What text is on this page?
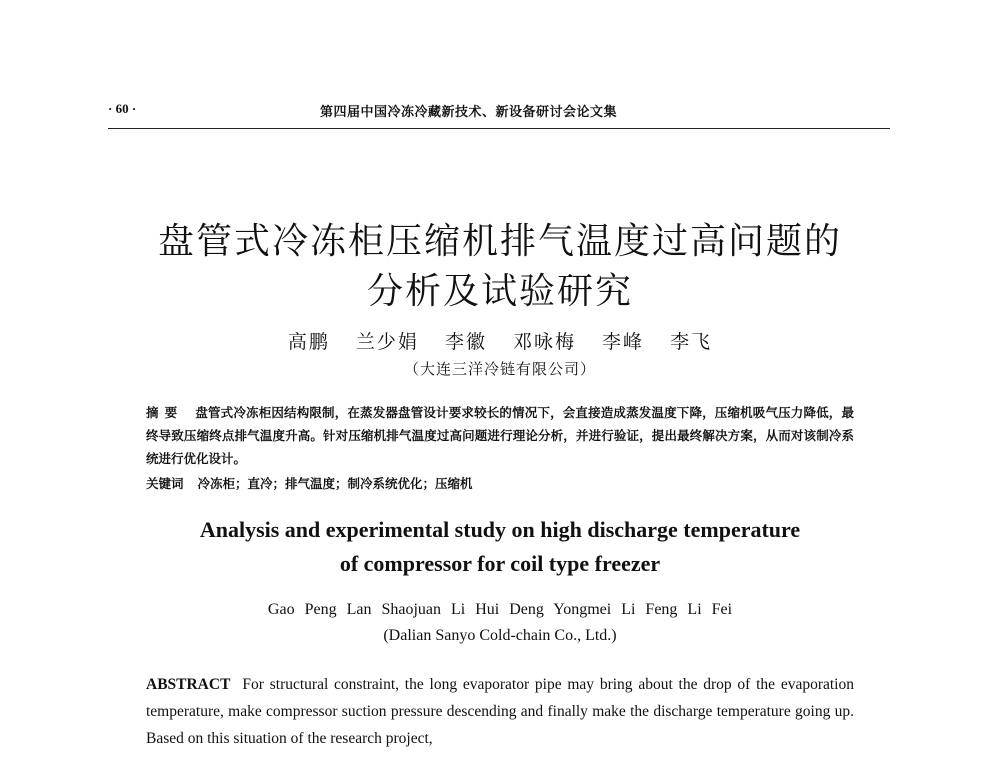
· 60 ·	第四届中国冷冻冷藏新技术、新设备研讨会论文集
盘管式冷冻柜压缩机排气温度过高问题的
分析及试验研究
高鹏 兰少娟 李徽 邓咏梅 李峰 李飞
（大连三洋冷链有限公司）
摘要 盘管式冷冻柜因结构限制，在蒸发器盘管设计要求较长的情况下，会直接造成蒸发温度下降，压缩机吸气压力降低，最终导致压缩终点排气温度升高。针对压缩机排气温度过高问题进行理论分析，并进行验证，提出最终解决方案，从而对该制冷系统进行优化设计。
关键词 冷冻柜；直冷；排气温度；制冷系统优化；压缩机
Analysis and experimental study on high discharge temperature
of compressor for coil type freezer
Gao Peng Lan Shaojuan Li Hui Deng Yongmei Li Feng Li Fei
(Dalian Sanyo Cold-chain Co., Ltd.)
ABSTRACT For structural constraint, the long evaporator pipe may bring about the drop of the evaporation temperature, make compressor suction pressure descending and finally make the discharge temperature going up. Based on this situation of the research project,
